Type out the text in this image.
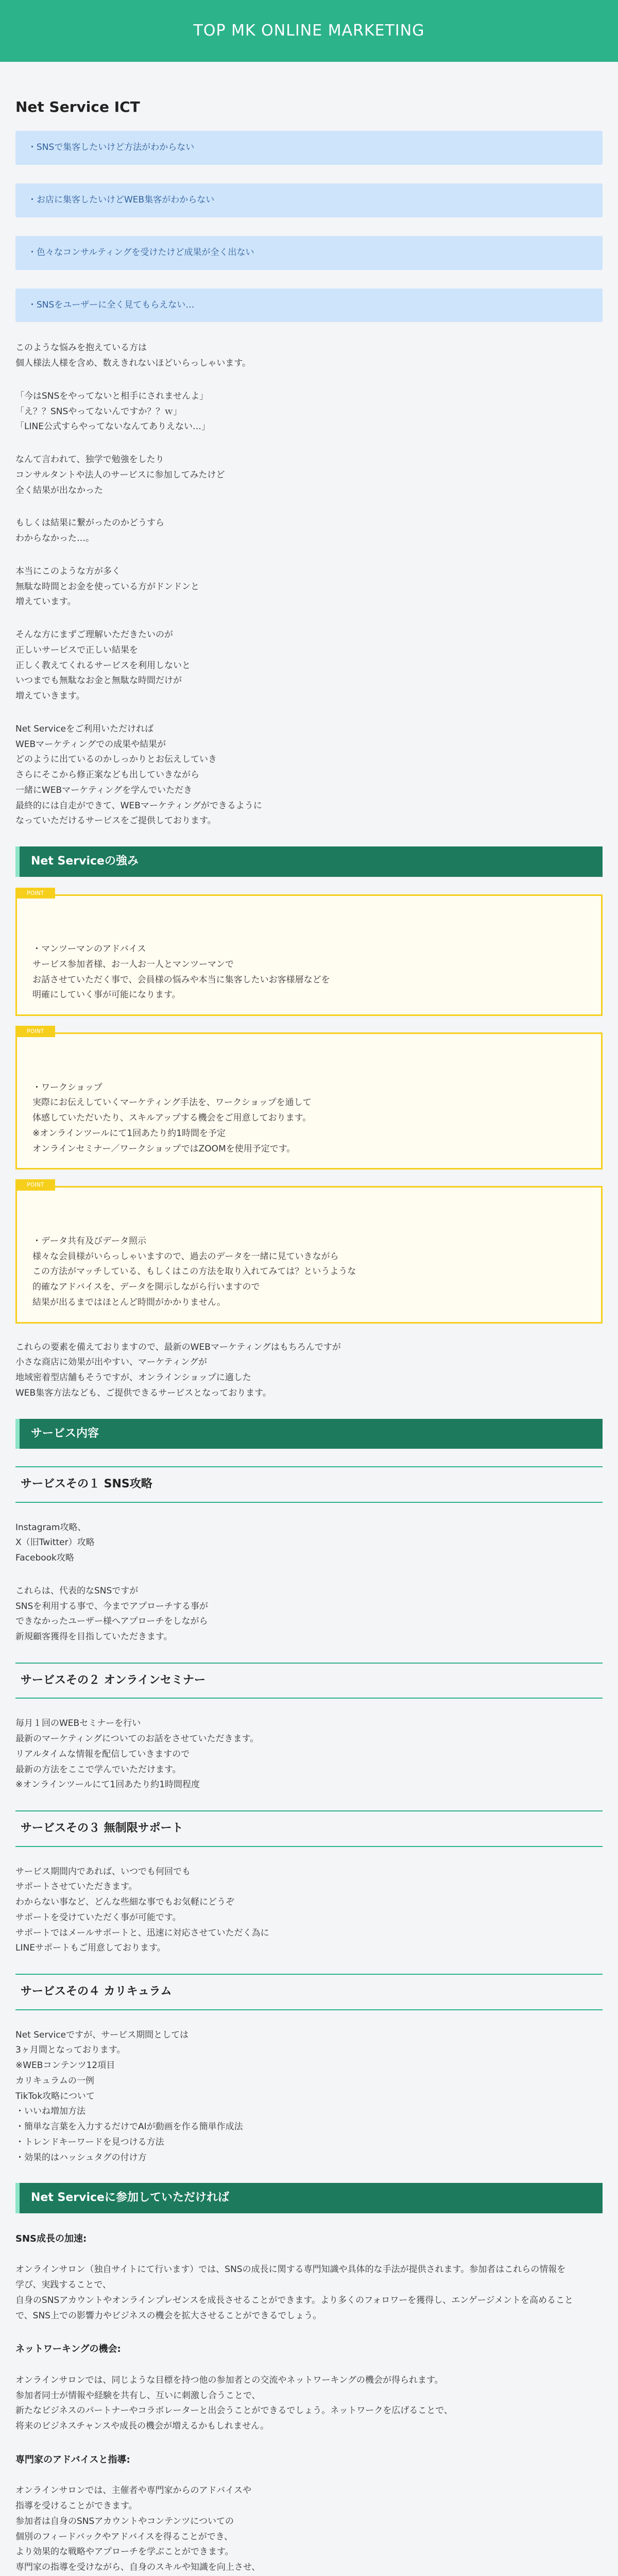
TOP MK ONLINE MARKETING
Net Service ICT
・SNSで集客したいけど方法がわからない
・お店に集客したいけどWEB集客がわからない
・色々なコンサルティングを受けたけど成果が全く出ない
・SNSをユーザーに全く見てもらえない…

このような悩みを抱えている方は
個人様法人様を含め、数えきれないほどいらっしゃいます。

「今はSNSをやってないと相手にされませんよ」
「え？？SNSやってないんですか？？ｗ」
「LINE公式すらやってないなんてありえない…」

なんて言われて、独学で勉強をしたり
コンサルタントや法人のサービスに参加してみたけど
全く結果が出なかった

もしくは結果に繋がったのかどうすら
わからなかった…。

本当にこのような方が多く
無駄な時間とお金を使っている方がドンドンと
増えています。

そんな方にまずご理解いただきたいのが
正しいサービスで正しい結果を
正しく教えてくれるサービスを利用しないと
いつまでも無駄なお金と無駄な時間だけが
増えていきます。

Net Serviceをご利用いただければ
WEBマーケティングでの成果や結果が
どのように出ているのかしっかりとお伝えしていき
さらにそこから修正案なども出していきながら
一緒にWEBマーケティングを学んでいただき
最終的には自走ができて、WEBマーケティングができるように
なっていただけるサービスをご提供しております。

Net Serviceの強み

POINT

・マンツーマンのアドバイス
サービス参加者様、お一人お一人とマンツーマンで
お話させていただく事で、会員様の悩みや本当に集客したいお客様層などを
明確にしていく事が可能になります。

POINT

・ワークショップ
実際にお伝えしていくマーケティング手法を、ワークショップを通して
体感していただいたり、スキルアップする機会をご用意しております。
※オンラインツールにて1回あたり約1時間を予定
オンラインセミナー／ワークショップではZOOMを使用予定です。

POINT

・データ共有及びデータ照示
様々な会員様がいらっしゃいますので、過去のデータを一緒に見ていきながら
この方法がマッチしている、もしくはこの方法を取り入れてみては？というような
的確なアドバイスを、データを開示しながら行いますので
結果が出るまではほとんど時間がかかりません。

これらの要素を備えておりますので、最新のWEBマーケティングはもちろんですが
小さな商店に効果が出やすい、マーケティングが
地域密着型店舗もそうですが、オンラインショップに適した
WEB集客方法なども、ご提供できるサービスとなっております。

サービス内容
サービスその１ SNS攻略

Instagram攻略、
X（旧Twitter）攻略
Facebook攻略

これらは、代表的なSNSですが
SNSを利用する事で、今までアプローチする事が
できなかったユーザー様へアプローチをしながら
新規顧客獲得を目指していただきます。

サービスその２ オンラインセミナー

毎月１回のWEBセミナーを行い
最新のマーケティングについてのお話をさせていただきます。
リアルタイムな情報を配信していきますので
最新の方法をここで学んでいただけます。
※オンラインツールにて1回あたり約1時間程度

サービスその３ 無制限サポート

サービス期間内であれば、いつでも何回でも
サポートさせていただきます。
わからない事など、どんな些細な事でもお気軽にどうぞ
サポートを受けていただく事が可能です。
サポートではメールサポートと、迅速に対応させていただく為に
LINEサポートもご用意しております。

サービスその４ カリキュラム

Net Serviceですが、サービス期間としては
3ヶ月間となっております。
※WEBコンテンツ12項目
カリキュラムの一例
TikTok攻略について
・いいね増加方法
・簡単な言葉を入力するだけでAIが動画を作る簡単作成法
・トレンドキーワードを見つける方法
・効果的はハッシュタグの付け方

Net Serviceに参加していただければ
SNS成長の加速:

オンラインサロン（独自サイトにて行います）では、SNSの成長に関する専門知識や具体的な手法が提供されます。参加者はこれらの情報を
学び、実践することで、
自身のSNSアカウントやオンラインプレゼンスを成長させることができます。より多くのフォロワーを獲得し、エンゲージメントを高めること
で、SNS上での影響力やビジネスの機会を拡大させることができるでしょう。

ネットワーキングの機会:

オンラインサロンでは、同じような目標を持つ他の参加者との交流やネットワーキングの機会が得られます。
参加者同士が情報や経験を共有し、互いに刺激し合うことで、
新たなビジネスのパートナーやコラボレーターと出会うことができるでしょう。ネットワークを広げることで、
将来のビジネスチャンスや成長の機会が増えるかもしれません。

専門家のアドバイスと指導:

オンラインサロンでは、主催者や専門家からのアドバイスや
指導を受けることができます。
参加者は自身のSNSアカウントやコンテンツについての
個別のフィードバックやアドバイスを得ることができ、
より効果的な戦略やアプローチを学ぶことができます。
専門家の指導を受けながら、自身のスキルや知識を向上させ、
